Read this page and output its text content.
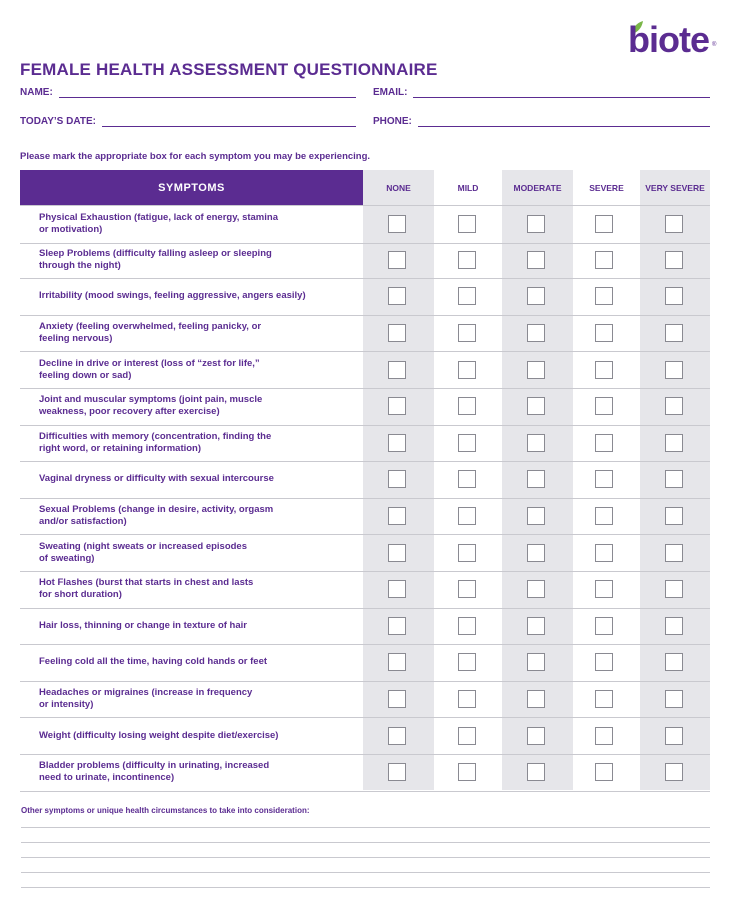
biote ®
FEMALE HEALTH ASSESSMENT QUESTIONNAIRE
NAME:	EMAIL:
TODAY’S DATE:	PHONE:
Please mark the appropriate box for each symptom you may be experiencing.
SYMPTOMS	NONE	MILD	MODERATE	SEVERE	VERY SEVERE
Physical Exhaustion (fatigue, lack of energy, stamina
or motivation)
Sleep Problems (difficulty falling asleep or sleeping
through the night)
Irritability (mood swings, feeling aggressive, angers easily)
Anxiety (feeling overwhelmed, feeling panicky, or
feeling nervous)
Decline in drive or interest (loss of “zest for life,”
feeling down or sad)
Joint and muscular symptoms (joint pain, muscle
weakness, poor recovery after exercise)
Difficulties with memory (concentration, finding the
right word, or retaining information)
Vaginal dryness or difficulty with sexual intercourse
Sexual Problems (change in desire, activity, orgasm
and/or satisfaction)
Sweating (night sweats or increased episodes
of sweating)
Hot Flashes (burst that starts in chest and lasts
for short duration)
Hair loss, thinning or change in texture of hair
Feeling cold all the time, having cold hands or feet
Headaches or migraines (increase in frequency
or intensity)
Weight (difficulty losing weight despite diet/exercise)
Bladder problems (difficulty in urinating, increased
need to urinate, incontinence)
Other symptoms or unique health circumstances to take into consideration:
